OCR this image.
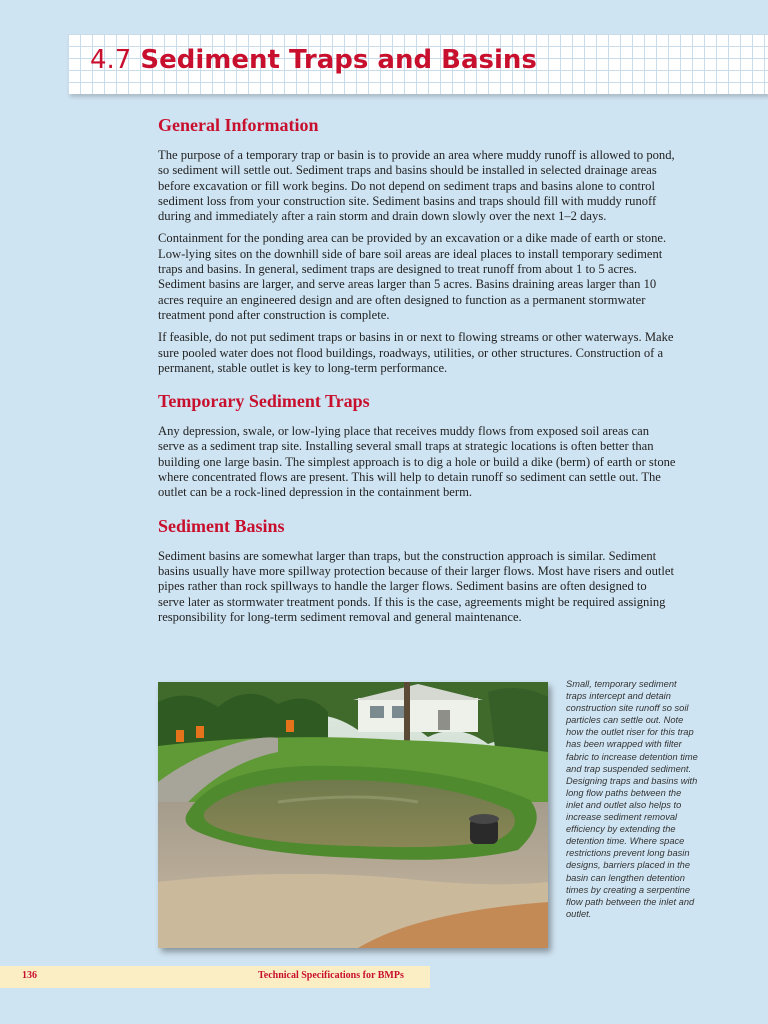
4.7 Sediment Traps and Basins
General Information

The purpose of a temporary trap or basin is to provide an area where muddy runoff is allowed to pond, so sediment will settle out. Sediment traps and basins should be installed in selected drainage areas before excavation or fill work begins. Do not depend on sediment traps and basins alone to control sediment loss from your construction site. Sediment basins and traps should fill with muddy runoff during and immediately after a rain storm and drain down slowly over the next 1–2 days.

Containment for the ponding area can be provided by an excavation or a dike made of earth or stone. Low-lying sites on the downhill side of bare soil areas are ideal places to install temporary sediment traps and basins. In general, sediment traps are designed to treat runoff from about 1 to 5 acres. Sediment basins are larger, and serve areas larger than 5 acres. Basins draining areas larger than 10 acres require an engineered design and are often designed to function as a permanent stormwater treatment pond after construction is complete.

If feasible, do not put sediment traps or basins in or next to flowing streams or other waterways. Make sure pooled water does not flood buildings, roadways, utilities, or other structures. Construction of a permanent, stable outlet is key to long-term performance.

Temporary Sediment Traps

Any depression, swale, or low-lying place that receives muddy flows from exposed soil areas can serve as a sediment trap site. Installing several small traps at strategic locations is often better than building one large basin. The simplest approach is to dig a hole or build a dike (berm) of earth or stone where concentrated flows are present. This will help to detain runoff so sediment can settle out. The outlet can be a rock-lined depression in the containment berm.

Sediment Basins

Sediment basins are somewhat larger than traps, but the construction approach is similar. Sediment basins usually have more spillway protection because of their larger flows. Most have risers and outlet pipes rather than rock spillways to handle the larger flows. Sediment basins are often designed to serve later as stormwater treatment ponds. If this is the case, agreements might be required assigning responsibility for long-term sediment removal and general maintenance.

Small, temporary sediment traps intercept and detain construction site runoff so soil particles can settle out. Note how the outlet riser for this trap has been wrapped with filter fabric to increase detention time and trap suspended sediment. Designing traps and basins with long flow paths between the inlet and outlet also helps to increase sediment removal efficiency by extending the detention time. Where space restrictions prevent long basin designs, barriers placed in the basin can lengthen detention times by creating a serpentine flow path between the inlet and outlet.

136	Technical Specifications for BMPs
